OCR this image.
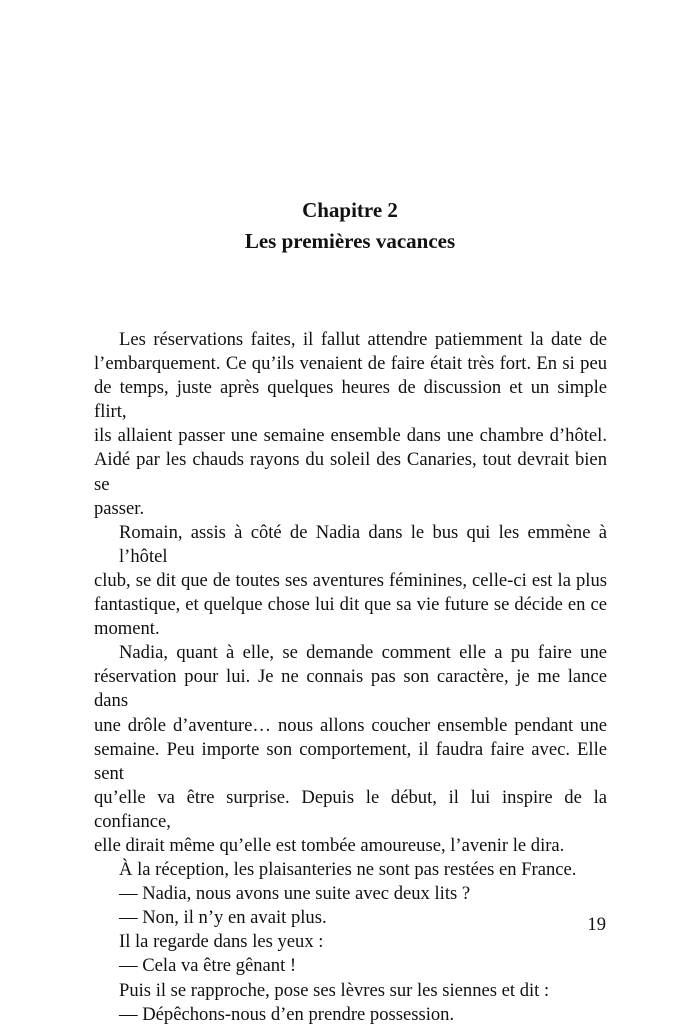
Chapitre 2
Les premières vacances
Les réservations faites, il fallut attendre patiemment la date de
l’embarquement. Ce qu’ils venaient de faire était très fort. En si peu
de temps, juste après quelques heures de discussion et un simple flirt,
ils allaient passer une semaine ensemble dans une chambre d’hôtel.
Aidé par les chauds rayons du soleil des Canaries, tout devrait bien se
passer.
Romain, assis à côté de Nadia dans le bus qui les emmène à l’hôtel
club, se dit que de toutes ses aventures féminines, celle-ci est la plus
fantastique, et quelque chose lui dit que sa vie future se décide en ce
moment.
Nadia, quant à elle, se demande comment elle a pu faire une
réservation pour lui. Je ne connais pas son caractère, je me lance dans
une drôle d’aventure… nous allons coucher ensemble pendant une
semaine. Peu importe son comportement, il faudra faire avec. Elle sent
qu’elle va être surprise. Depuis le début, il lui inspire de la confiance,
elle dirait même qu’elle est tombée amoureuse, l’avenir le dira.
À la réception, les plaisanteries ne sont pas restées en France.
— Nadia, nous avons une suite avec deux lits ?
— Non, il n’y en avait plus.
Il la regarde dans les yeux :
— Cela va être gênant !
Puis il se rapproche, pose ses lèvres sur les siennes et dit :
— Dépêchons-nous d’en prendre possession.
19
